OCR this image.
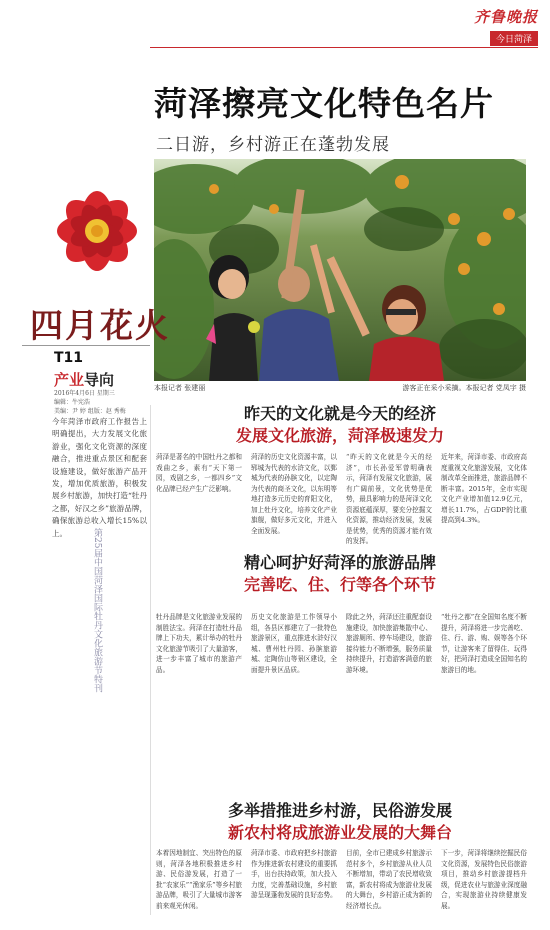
齐鲁晚报
今日菏泽
菏泽擦亮文化特色名片
二日游，乡村游正在蓬勃发展
本报记者 张建丽	游客正在采小采摘。本报记者 党凤宇 摄
四月花火
T11
产业导向
2016年4月6日 星期三
编辑：牛宪浩
美编：尹 婷 组版：赵 秀梅
今年菏泽市政府工作报告上明确提出，大力发展文化旅游业，强化文化资源的深度融合，推进重点景区和配套设施建设，做好旅游产品开发，增加优质旅游，积极发展乡村旅游，加快打造“牡丹之都，好汉之乡”旅游品牌，确保旅游总收入增长15%以上。	第25届中国菏泽国际牡丹文化旅游节特刊
昨天的文化就是今天的经济
发展文化旅游，菏泽极速发力
菏泽是著名的中国牡丹之都和戏曲之乡，素有“天下第一园，戏剧之乡，一都四乡”文化品牌已经产生广泛影响。
菏泽的历史文化资源丰富，以郓城为代表的水浒文化，以鄄城为代表的孙膑文化，以定陶为代表的商圣文化，以东明等地打造多元历史的育阳文化，加上牡丹文化，培养文化产业旗舰，做好多元文化，并进入全面发展。
“昨天的文化就是今天的经济”，市长孙爱军曾明确表示，菏泽有发展文化旅游，展有广阔前景，文化优势是优势，最具影响力的是菏泽文化资源底蕴深厚，要充分挖掘文化资源，推动经济发展，发展是优势，优秀的资源才能有效的发挥。
近年来，菏泽市委、市政府高度重视文化旅游发展，文化体制改革全面推进，旅游品牌不断丰富。2015年，全市实现文化产业增加值12.9亿元，增长11.7%，占GDP的比重提高到4.3%。
精心呵护好菏泽的旅游品牌
完善吃、住、行等各个环节
牡丹品牌是文化旅游业发展的制胜法宝。菏泽在打造牡丹品牌上下功夫，累计举办的牡丹文化旅游节吸引了大量游客，进一步丰富了城市的旅游产品。
历史文化旅游是工作领导小组，各县区都建立了一批特色旅游景区，重点推进水浒好汉城、曹州牡丹园、孙膑旅游城、定陶仿山等景区建设，全面提升景区品质。
除此之外，菏泽还注重配套设施建设，加快旅游集散中心、旅游厕所、停车场建设，旅游接待能力不断增强，服务质量持续提升，打造游客满意的旅游环境。
“牡丹之都”在全国知名度不断提升，菏泽将进一步完善吃、住、行、游、购、娱等各个环节，让游客来了留得住、玩得好，把菏泽打造成全国知名的旅游目的地。
多举措推进乡村游，民俗游发展
新农村将成旅游业发展的大舞台
本着因地制宜、突出特色的原则，菏泽各地积极推进乡村游、民俗游发展，打造了一批“农家乐”“渔家乐”等乡村旅游品牌，吸引了大量城市游客前来观光休闲。
菏泽市委、市政府把乡村旅游作为推进新农村建设的重要抓手，出台扶持政策，加大投入力度，完善基础设施，乡村旅游呈现蓬勃发展的良好态势。
目前，全市已建成乡村旅游示范村多个，乡村旅游从业人员不断增加，带动了农民增收致富，新农村将成为旅游业发展的大舞台，乡村游正成为新的经济增长点。
下一步，菏泽将继续挖掘民俗文化资源，发展特色民俗旅游项目，推动乡村旅游提档升级，促进农业与旅游业深度融合，实现旅游业持续健康发展。
